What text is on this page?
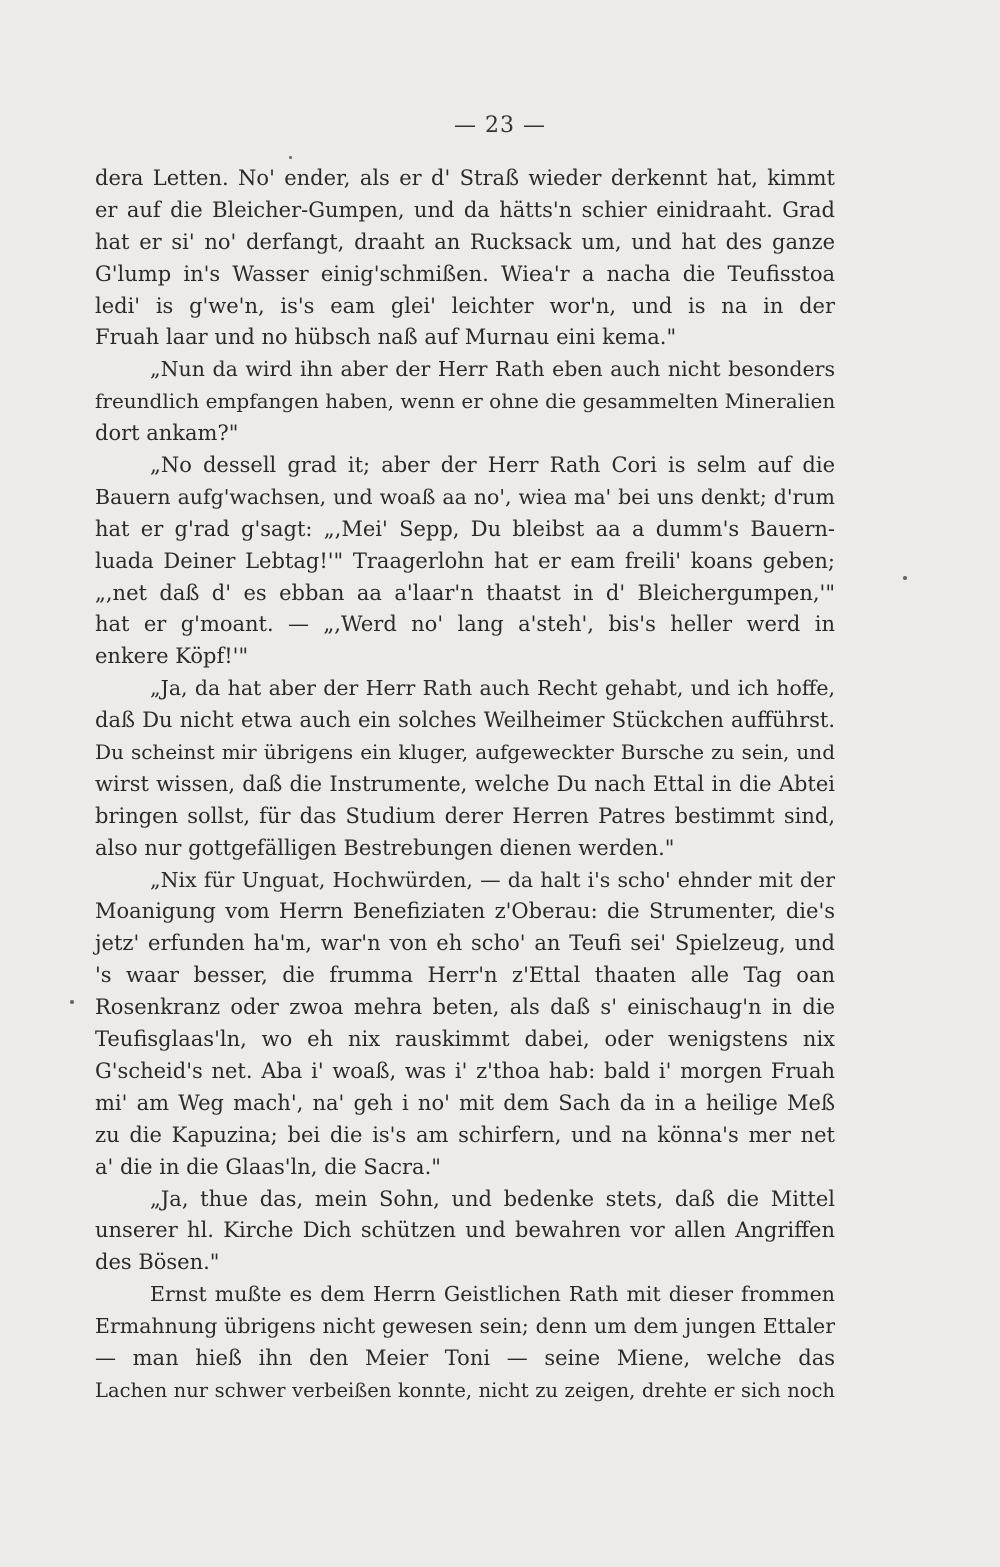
— 23 —
dera Letten. No' ender, als er d' Straß wieder derkennt hat, kimmt
er auf die Bleicher-Gumpen, und da hätts'n schier einidraaht. Grad
hat er si' no' derfangt, draaht an Rucksack um, und hat des ganze
G'lump in's Wasser einig'schmißen. Wiea'r a nacha die Teufisstoa
ledi' is g'we'n, is's eam glei' leichter wor'n, und is na in der
Fruah laar und no hübsch naß auf Murnau eini kema."
„Nun da wird ihn aber der Herr Rath eben auch nicht besonders
freundlich empfangen haben, wenn er ohne die gesammelten Mineralien
dort ankam?"
„No dessell grad it; aber der Herr Rath Cori is selm auf die
Bauern aufg'wachsen, und woaß aa no', wiea ma' bei uns denkt; d'rum
hat er g'rad g'sagt: „,Mei' Sepp, Du bleibst aa a dumm's Bauern-
luada Deiner Lebtag!'" Traagerlohn hat er eam freili' koans geben;
„,net daß d' es ebban aa a'laar'n thaatst in d' Bleichergumpen,'"
hat er g'moant. — „,Werd no' lang a'steh', bis's heller werd in
enkere Köpf!'"
„Ja, da hat aber der Herr Rath auch Recht gehabt, und ich hoffe,
daß Du nicht etwa auch ein solches Weilheimer Stückchen aufführst.
Du scheinst mir übrigens ein kluger, aufgeweckter Bursche zu sein, und
wirst wissen, daß die Instrumente, welche Du nach Ettal in die Abtei
bringen sollst, für das Studium derer Herren Patres bestimmt sind,
also nur gottgefälligen Bestrebungen dienen werden."
„Nix für Unguat, Hochwürden, — da halt i's scho' ehnder mit der
Moanigung vom Herrn Benefiziaten z'Oberau: die Strumenter, die's
jetz' erfunden ha'm, war'n von eh scho' an Teufi sei' Spielzeug, und
's waar besser, die frumma Herr'n z'Ettal thaaten alle Tag oan
Rosenkranz oder zwoa mehra beten, als daß s' einischaug'n in die
Teufisglaas'ln, wo eh nix rauskimmt dabei, oder wenigstens nix
G'scheid's net. Aba i' woaß, was i' z'thoa hab: bald i' morgen Fruah
mi' am Weg mach', na' geh i no' mit dem Sach da in a heilige Meß
zu die Kapuzina; bei die is's am schirfern, und na könna's mer net
a' die in die Glaas'ln, die Sacra."
„Ja, thue das, mein Sohn, und bedenke stets, daß die Mittel
unserer hl. Kirche Dich schützen und bewahren vor allen Angriffen
des Bösen."
Ernst mußte es dem Herrn Geistlichen Rath mit dieser frommen
Ermahnung übrigens nicht gewesen sein; denn um dem jungen Ettaler
— man hieß ihn den Meier Toni — seine Miene, welche das
Lachen nur schwer verbeißen konnte, nicht zu zeigen, drehte er sich noch
